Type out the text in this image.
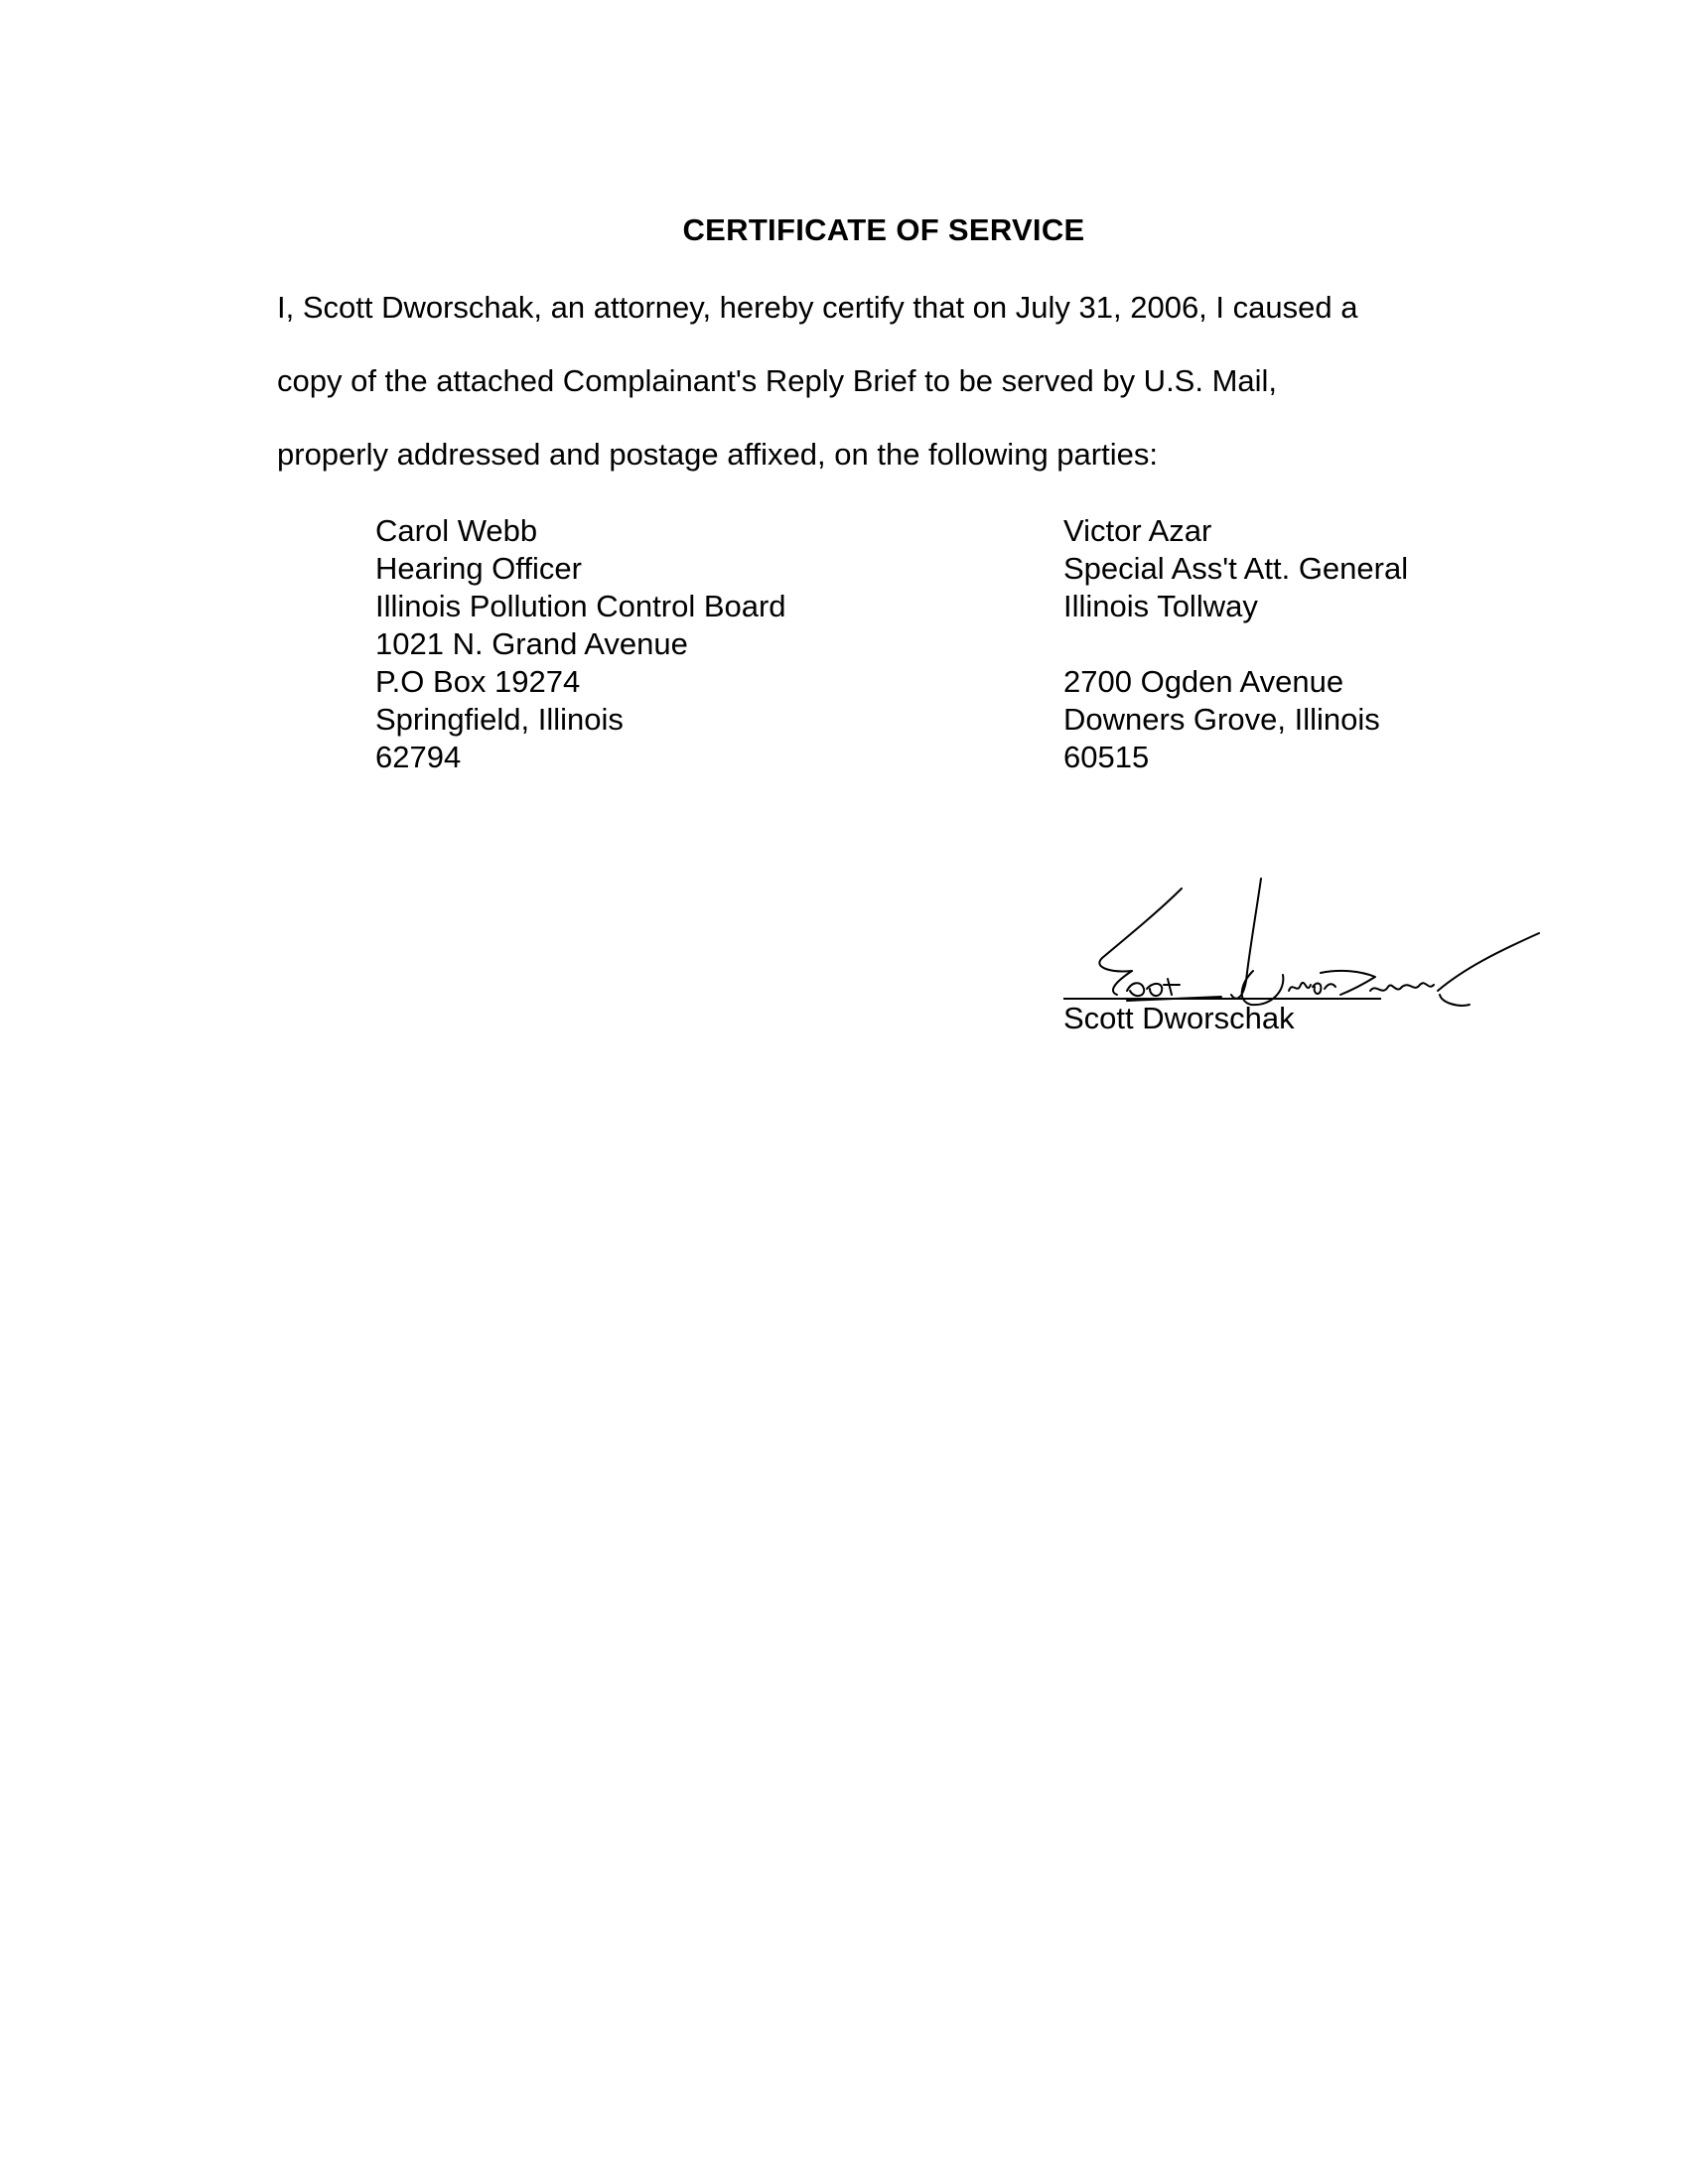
CERTIFICATE OF SERVICE

I, Scott Dworschak, an attorney, hereby certify that on July 31, 2006, I caused a

copy of the attached Complainant's Reply Brief to be served by U.S. Mail,

properly addressed and postage affixed, on the following parties:

Carol Webb
Hearing Officer
Illinois Pollution Control Board
1021 N. Grand Avenue
P.O Box 19274
Springfield, Illinois
62794
Victor Azar
Special Ass't Att. General
Illinois Tollway
2700 Ogden Avenue
Downers Grove, Illinois
60515
Scott Dworschak
